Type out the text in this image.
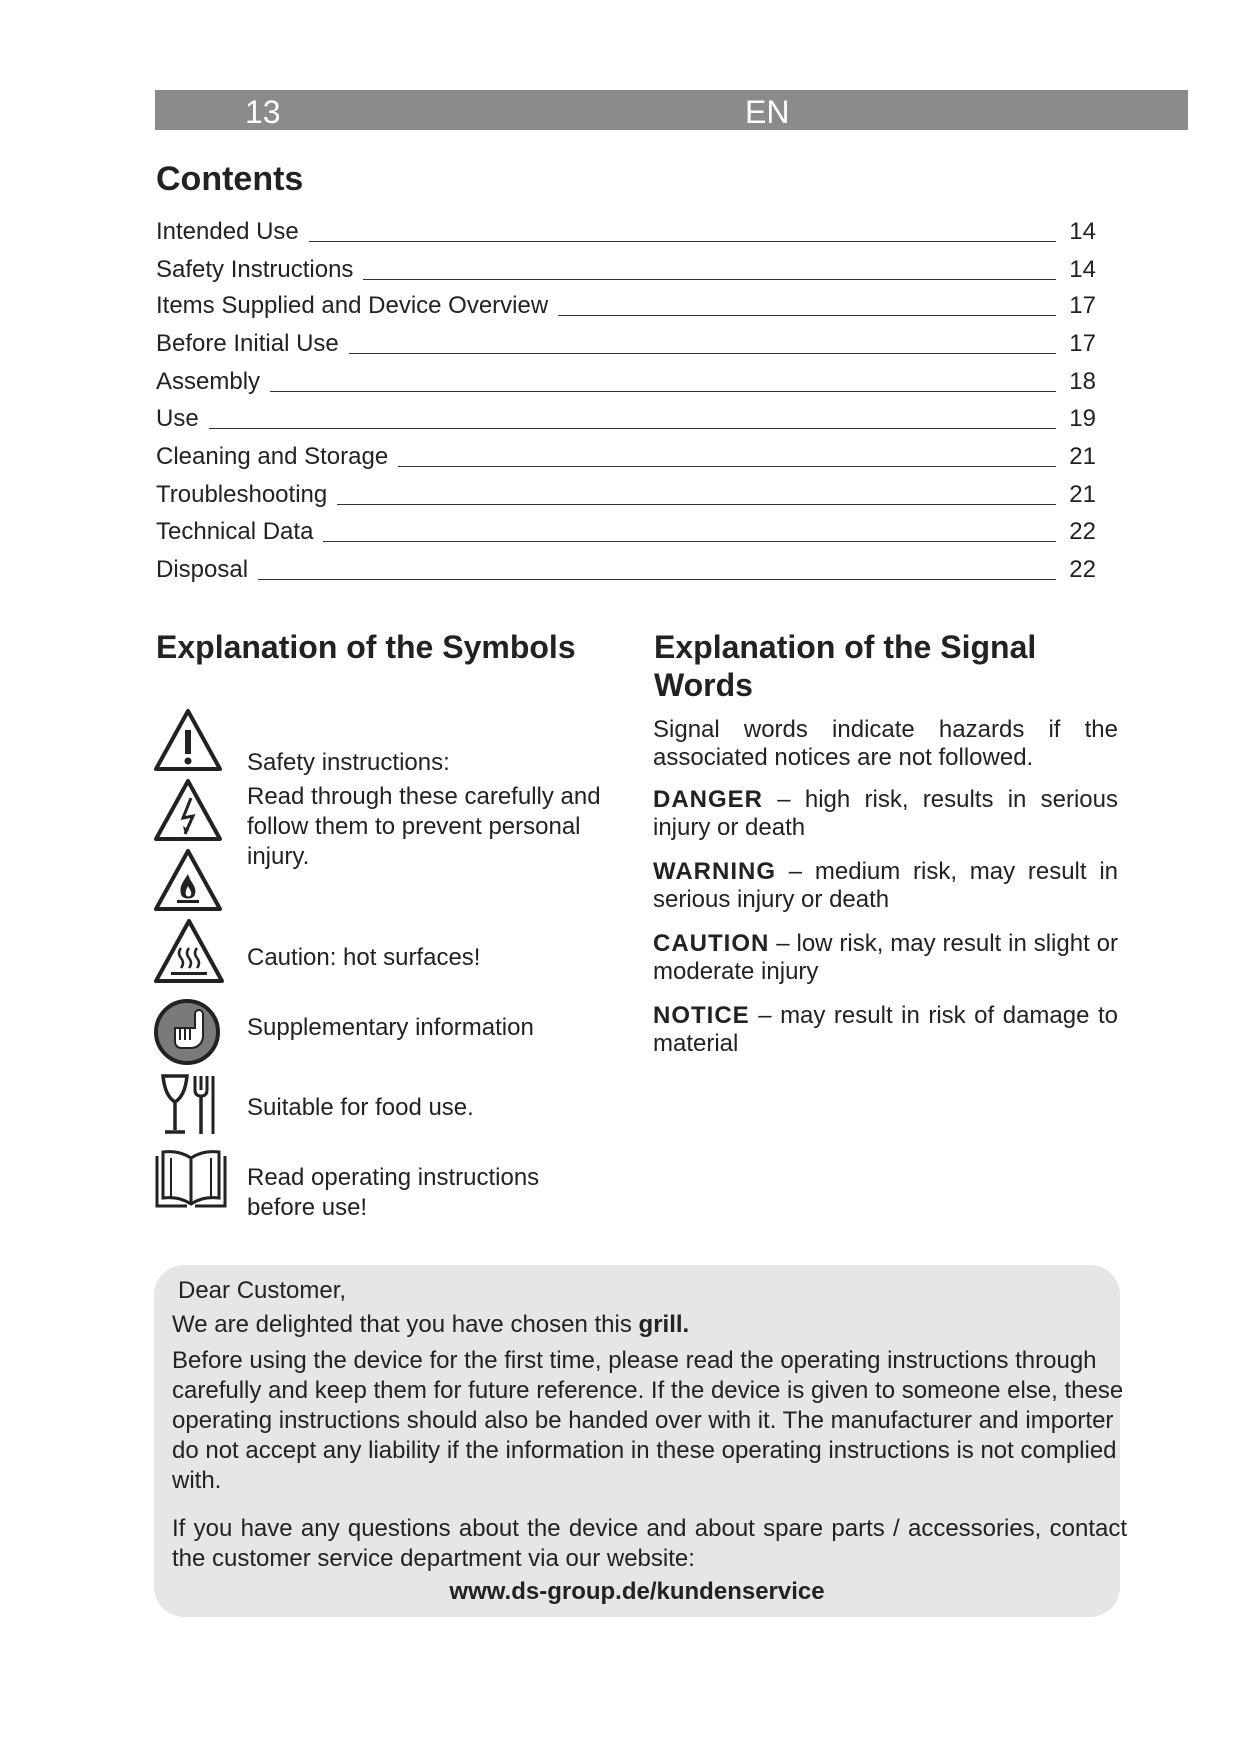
13	EN
Contents
Intended Use	14
Safety Instructions	14
Items Supplied and Device Overview	17
Before Initial Use	17
Assembly	18
Use	19
Cleaning and Storage	21
Troubleshooting	21
Technical Data	22
Disposal	22
Explanation of the Symbols
Safety instructions:
Read through these carefully and follow them to prevent personal injury.
Caution: hot surfaces!
Supplementary information
Suitable for food use.
Read operating instructions before use!
Explanation of the Signal Words
Signal words indicate hazards if the associated notices are not followed.
DANGER – high risk, results in serious injury or death
WARNING – medium risk, may result in serious injury or death
CAUTION – low risk, may result in slight or moderate injury
NOTICE – may result in risk of damage to material
Dear Customer,
We are delighted that you have chosen this grill.
Before using the device for the first time, please read the operating instructions through carefully and keep them for future reference. If the device is given to someone else, these operating instructions should also be handed over with it. The manufacturer and importer do not accept any liability if the information in these operating instructions is not complied with.
If you have any questions about the device and about spare parts / accessories, contact the customer service department via our website:
www.ds-group.de/kundenservice
